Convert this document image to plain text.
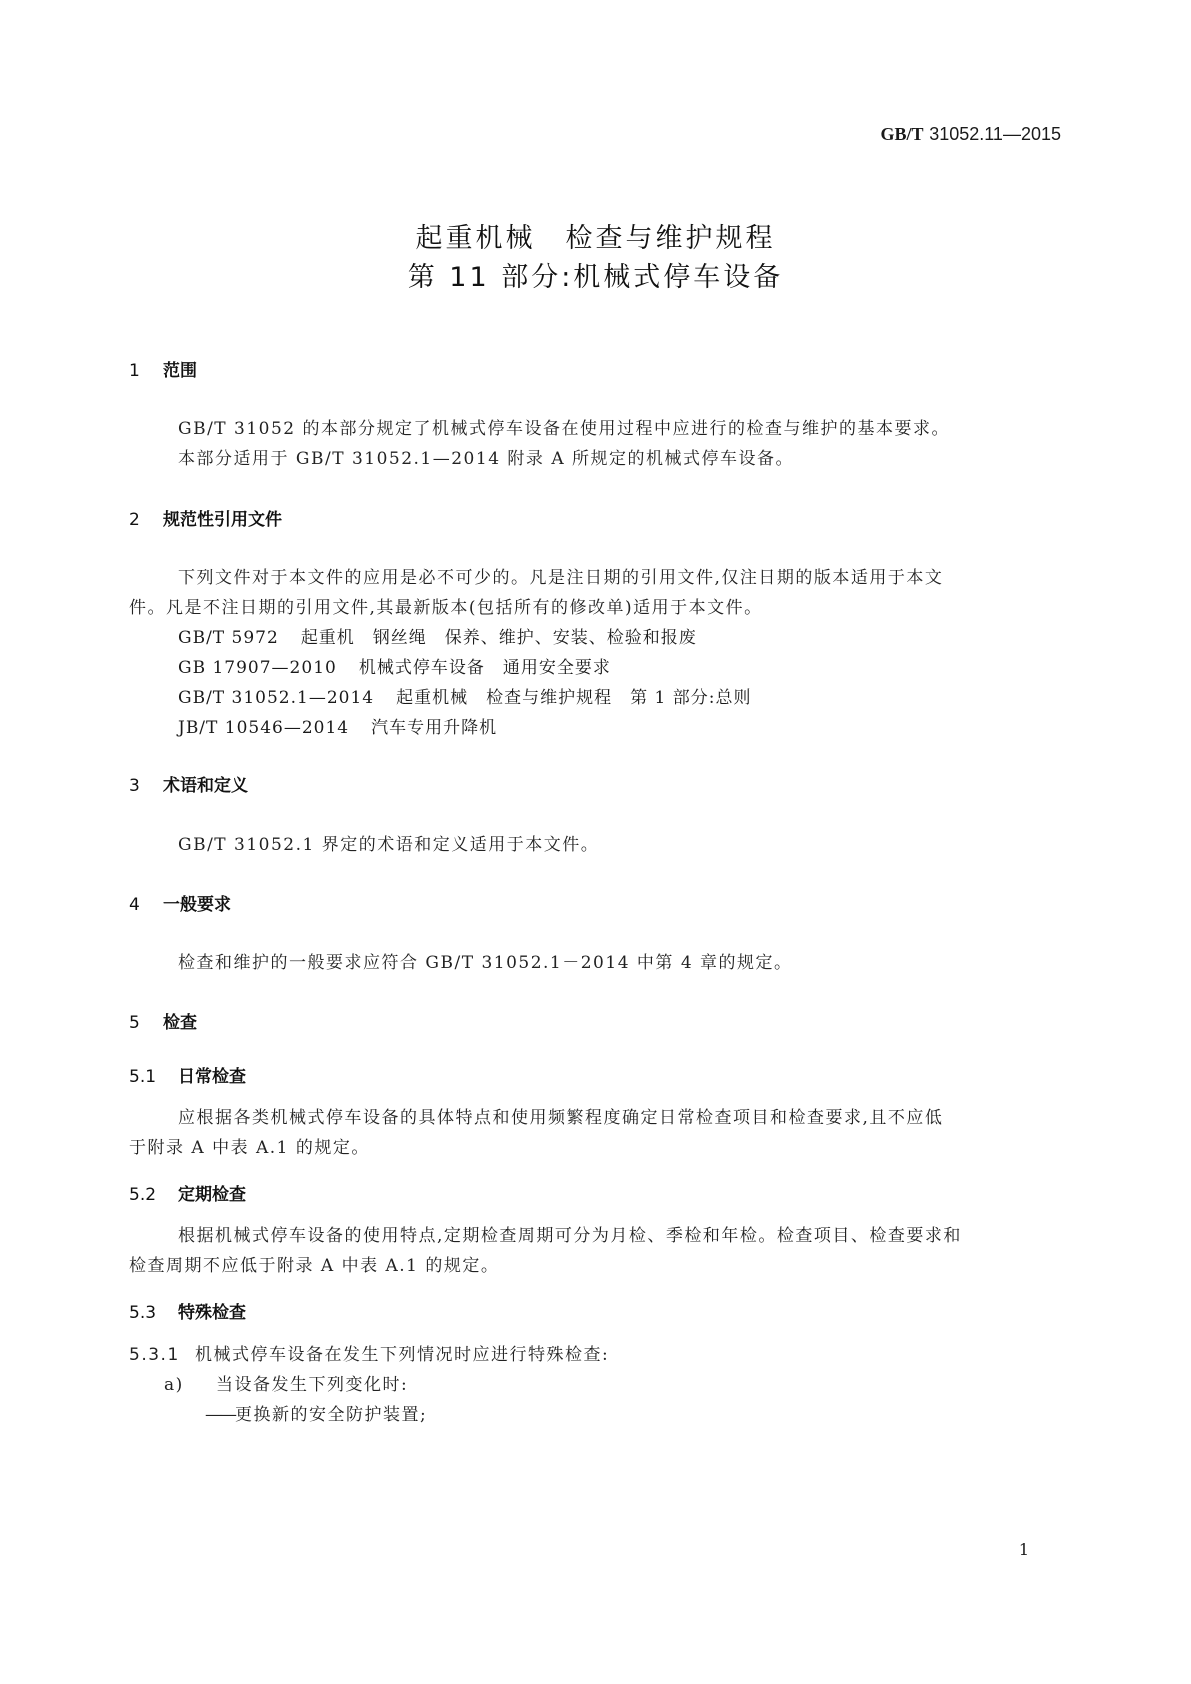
GB/T 31052.11—2015
起重机械　检查与维护规程
第 11 部分:机械式停车设备
1 范围
GB/T 31052 的本部分规定了机械式停车设备在使用过程中应进行的检查与维护的基本要求。
本部分适用于 GB/T 31052.1—2014 附录 A 所规定的机械式停车设备。
2 规范性引用文件
下列文件对于本文件的应用是必不可少的。凡是注日期的引用文件,仅注日期的版本适用于本文
件。凡是不注日期的引用文件,其最新版本(包括所有的修改单)适用于本文件。
GB/T 5972 起重机　钢丝绳　保养、维护、安装、检验和报废
GB 17907—2010 机械式停车设备　通用安全要求
GB/T 31052.1—2014 起重机械　检查与维护规程　第 1 部分:总则
JB/T 10546—2014 汽车专用升降机
3 术语和定义
GB/T 31052.1 界定的术语和定义适用于本文件。
4 一般要求
检查和维护的一般要求应符合 GB/T 31052.1－2014 中第 4 章的规定。
5 检查
5.1 日常检查
应根据各类机械式停车设备的具体特点和使用频繁程度确定日常检查项目和检查要求,且不应低
于附录 A 中表 A.1 的规定。
5.2 定期检查
根据机械式停车设备的使用特点,定期检查周期可分为月检、季检和年检。检查项目、检查要求和
检查周期不应低于附录 A 中表 A.1 的规定。
5.3 特殊检查
5.3.1 机械式停车设备在发生下列情况时应进行特殊检查:
a) 当设备发生下列变化时:
——更换新的安全防护装置;
1
